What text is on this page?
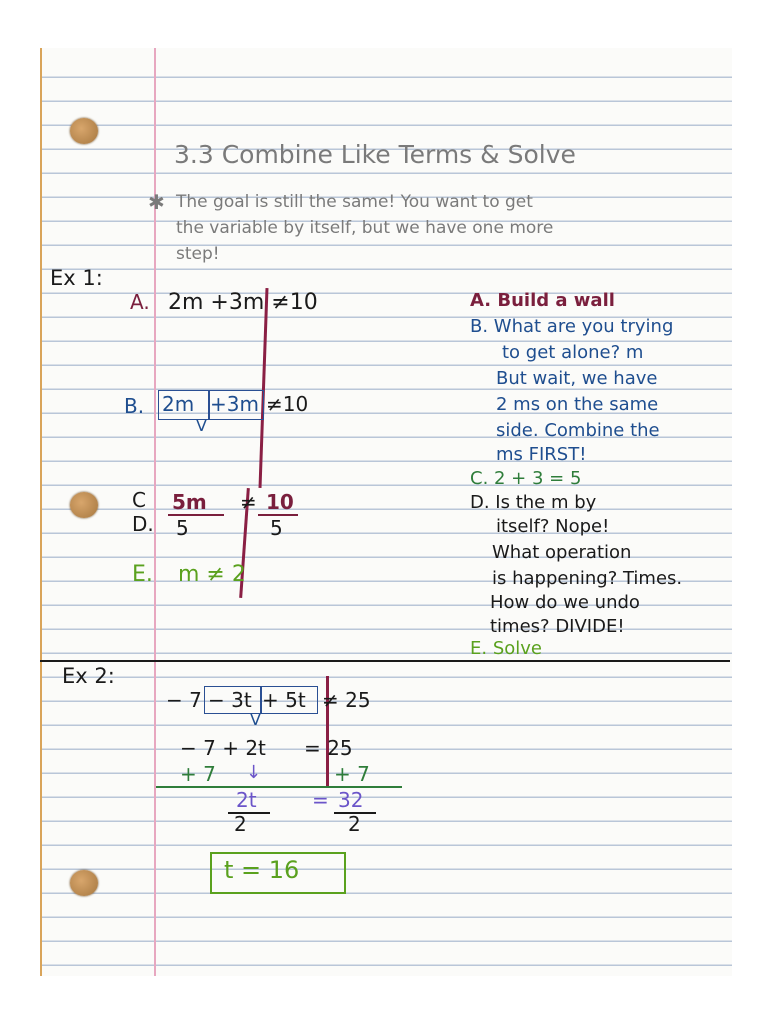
3.3 Combine Like Terms & Solve
✱ The goal is still the same! You want to get
the variable by itself, but we have one more
step!
Ex 1:
A. 2m +3m ≠10
B. 2m +3m ≠10
V
C 5m ≠ 10
D. 5	5
E. m ≠ 2
A. Build a wall
B. What are you trying
to get alone? m
But wait, we have
2 ms on the same
side. Combine the
ms FIRST!
C. 2 + 3 = 5
D. Is the m by
itself? Nope!
What operation
is happening? Times.
How do we undo
times? DIVIDE!
E. Solve
Ex 2:
− 7 − 3t + 5t ≠ 25
V
− 7 + 2t = 25
+ 7 ↓	+ 7
2t
2
= 32
2
t = 16
